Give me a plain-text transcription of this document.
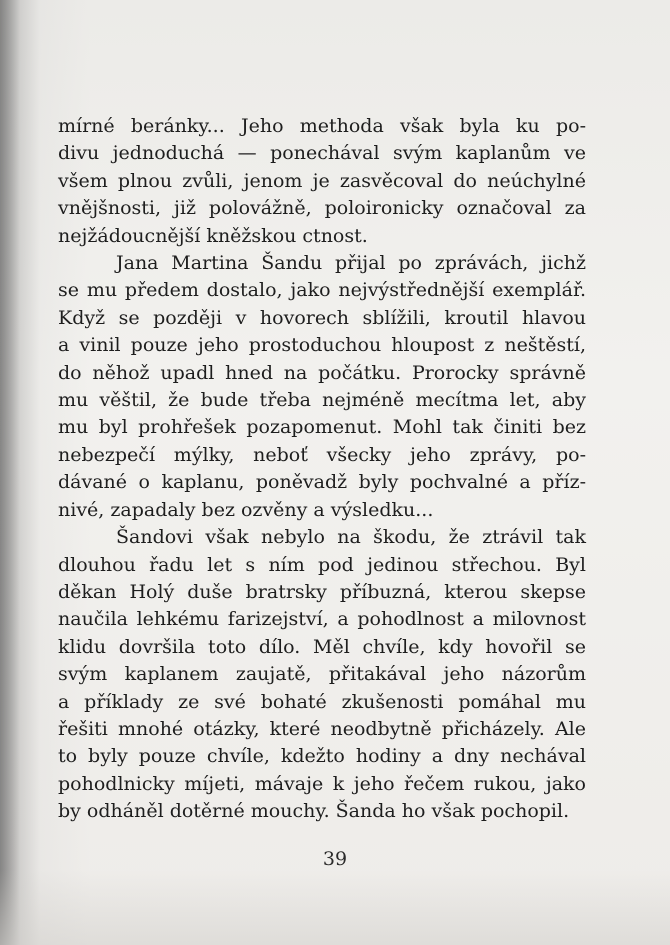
mírné beránky... Jeho methoda však byla ku po-
divu jednoduchá — ponechával svým kaplanům ve
všem plnou zvůli, jenom je zasvěcoval do neúchylné
vnějšnosti, již polovážně, poloironicky označoval za
nejžádoucnější kněžskou ctnost.
Jana Martina Šandu přijal po zprávách, jichž
se mu předem dostalo, jako nejvýstřednější exemplář.
Když se později v hovorech sblížili, kroutil hlavou
a vinil pouze jeho prostoduchou hloupost z neštěstí,
do něhož upadl hned na počátku. Prorocky správně
mu věštil, že bude třeba nejméně mecítma let, aby
mu byl prohřešek pozapomenut. Mohl tak činiti bez
nebezpečí mýlky, neboť všecky jeho zprávy, po-
dávané o kaplanu, poněvadž byly pochvalné a příz-
nivé, zapadaly bez ozvěny a výsledku...
Šandovi však nebylo na škodu, že ztrávil tak
dlouhou řadu let s ním pod jedinou střechou. Byl
děkan Holý duše bratrsky příbuzná, kterou skepse
naučila lehkému farizejství, a pohodlnost a milovnost
klidu dovršila toto dílo. Měl chvíle, kdy hovořil se
svým kaplanem zaujatě, přitakával jeho názorům
a příklady ze své bohaté zkušenosti pomáhal mu
řešiti mnohé otázky, které neodbytně přicházely. Ale
to byly pouze chvíle, kdežto hodiny a dny nechával
pohodlnicky míjeti, mávaje k jeho řečem rukou, jako
by odháněl dotěrné mouchy. Šanda ho však pochopil.
39
